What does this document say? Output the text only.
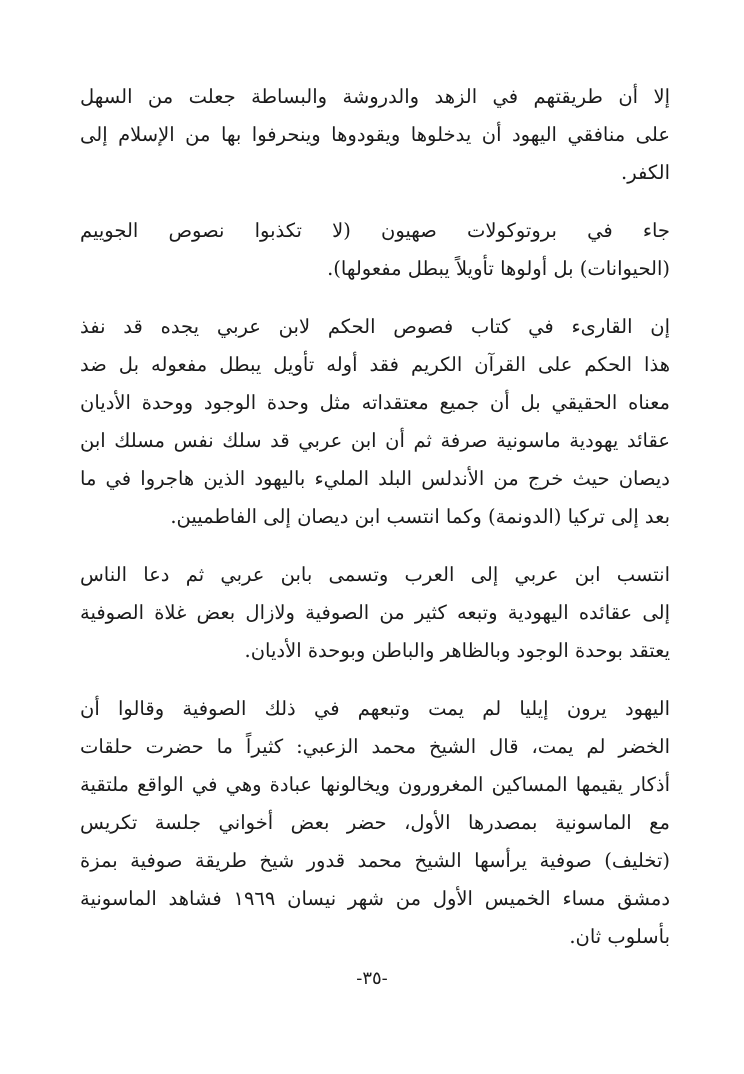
إلا أن طريقتهم في الزهد والدروشة والبساطة جعلت من السهل
على منافقي اليهود أن يدخلوها ويقودوها وينحرفوا بها من الإسلام إلى
الكفر.

جاء في بروتوكولات صهيون (لا تكذبوا نصوص الجوييم
(الحيوانات) بل أولوها تأويلاً يبطل مفعولها).

إن القارىء في كتاب فصوص الحكم لابن عربي يجده قد نفذ
هذا الحكم على القرآن الكريم فقد أوله تأويل يبطل مفعوله بل ضد
معناه الحقيقي بل أن جميع معتقداته مثل وحدة الوجود ووحدة الأديان
عقائد يهودية ماسونية صرفة ثم أن ابن عربي قد سلك نفس مسلك ابن
ديصان حيث خرج من الأندلس البلد المليء باليهود الذين هاجروا في ما
بعد إلى تركيا (الدونمة) وكما انتسب ابن ديصان إلى الفاطميين.

انتسب ابن عربي إلى العرب وتسمى بابن عربي ثم دعا الناس
إلى عقائده اليهودية وتبعه كثير من الصوفية ولازال بعض غلاة الصوفية
يعتقد بوحدة الوجود وبالظاهر والباطن وبوحدة الأديان.

اليهود يرون إيليا لم يمت وتبعهم في ذلك الصوفية وقالوا أن
الخضر لم يمت، قال الشيخ محمد الزعبي: كثيراً ما حضرت حلقات
أذكار يقيمها المساكين المغرورون ويخالونها عبادة وهي في الواقع ملتقية
مع الماسونية بمصدرها الأول، حضر بعض أخواني جلسة تكريس
(تخليف) صوفية يرأسها الشيخ محمد قدور شيخ طريقة صوفية بمزة
دمشق مساء الخميس الأول من شهر نيسان ١٩٦٩ فشاهد الماسونية
بأسلوب ثان.

-٣٥-
